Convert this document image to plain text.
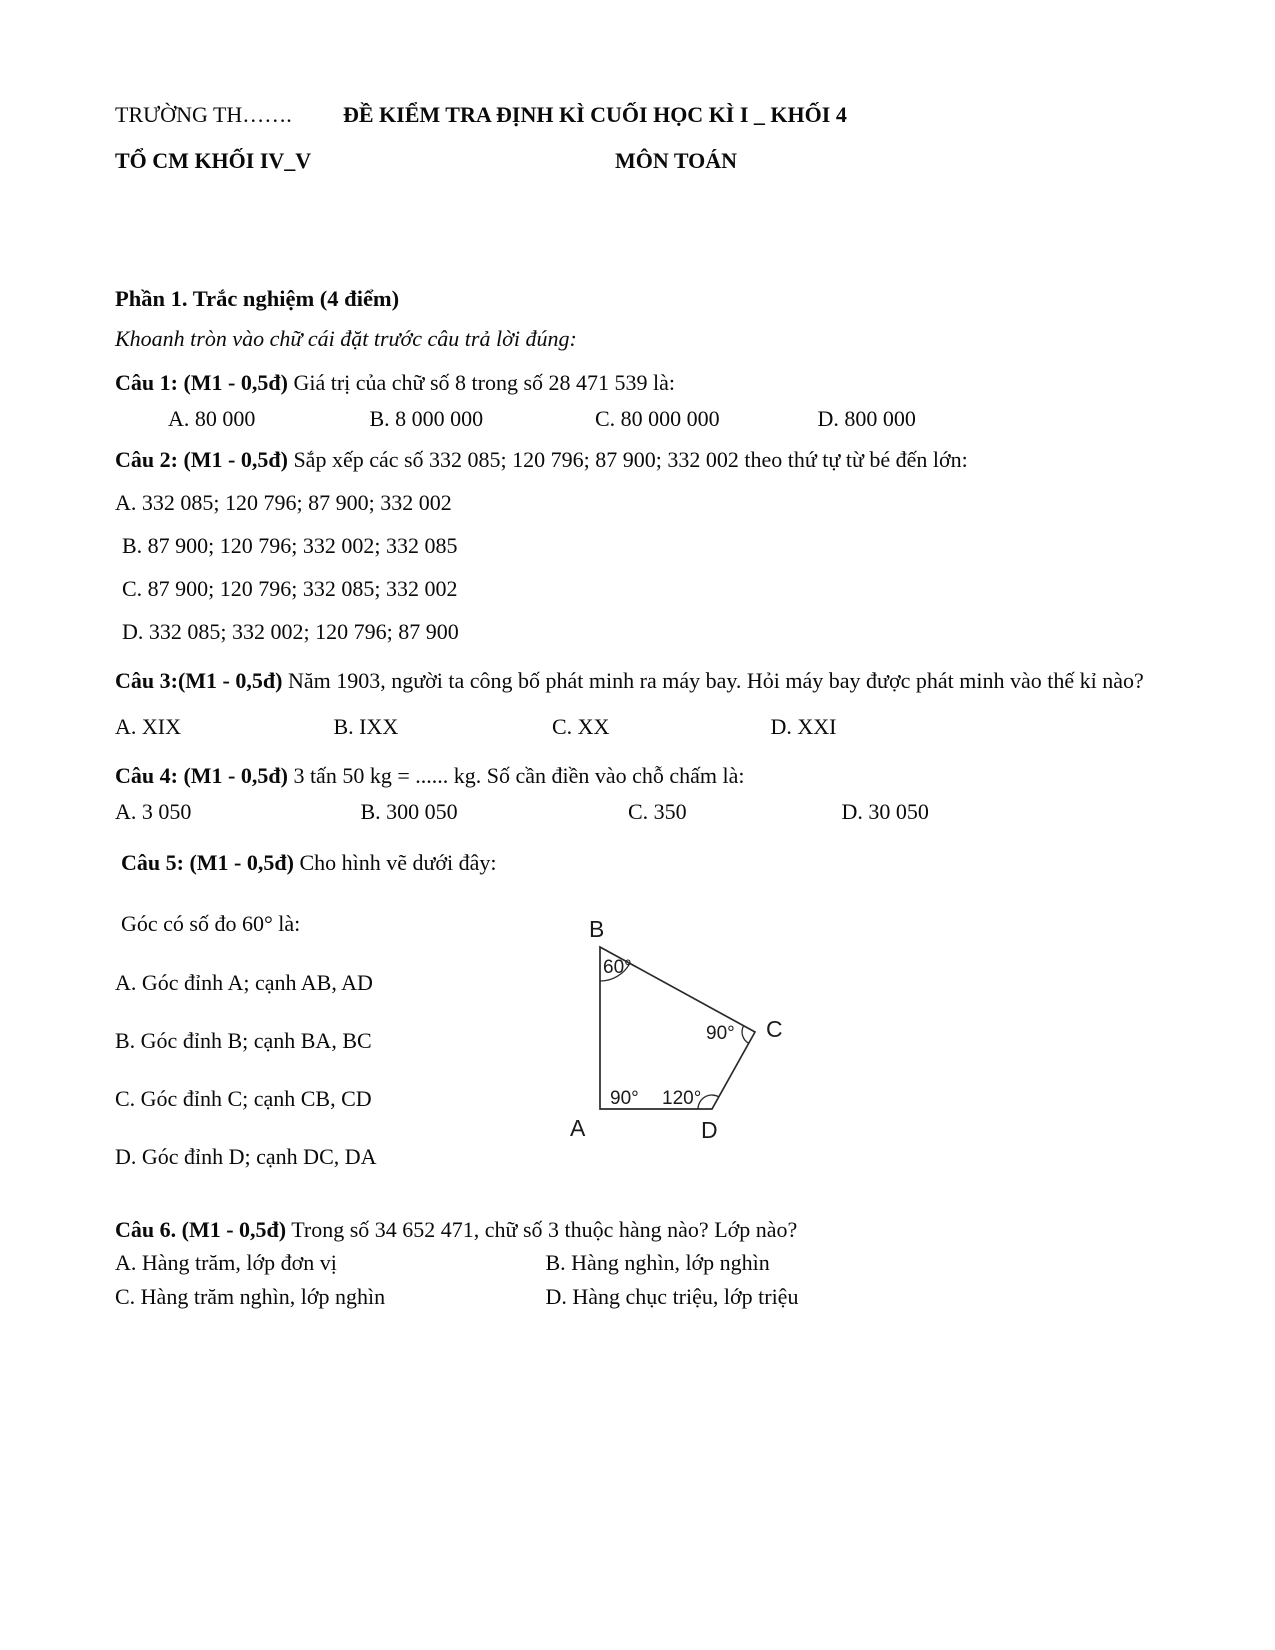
TRƯỜNG TH…….	ĐỀ KIỂM TRA ĐỊNH KÌ CUỐI HỌC KÌ I _ KHỐI 4
TỔ CM KHỐI IV_V	MÔN TOÁN
Phần 1. Trắc nghiệm (4 điểm)
Khoanh tròn vào chữ cái đặt trước câu trả lời đúng:

Câu 1: (M1 - 0,5đ) Giá trị của chữ số 8 trong số 28 471 539 là:

A. 80 000	B. 8 000 000	C. 80 000 000	D. 800 000

Câu 2: (M1 - 0,5đ) Sắp xếp các số 332 085; 120 796; 87 900; 332 002 theo thứ tự từ bé đến lớn:

A. 332 085; 120 796; 87 900; 332 002

B. 87 900; 120 796; 332 002; 332 085

C. 87 900; 120 796; 332 085; 332 002

D. 332 085; 332 002; 120 796; 87 900

Câu 3:(M1 - 0,5đ) Năm 1903, người ta công bố phát minh ra máy bay. Hỏi máy bay được phát minh vào thế kỉ nào?

A. XIX	B. IXX	C. XX	D. XXI

Câu 4: (M1 - 0,5đ) 3 tấn 50 kg = ...... kg. Số cần điền vào chỗ chấm là:

A. 3 050	B. 300 050	C. 350	D. 30 050

Câu 5: (M1 - 0,5đ) Cho hình vẽ dưới đây:

Góc có số đo 60° là:

A. Góc đỉnh A; cạnh AB, AD

B. Góc đỉnh B; cạnh BA, BC

C. Góc đỉnh C; cạnh CB, CD

D. Góc đỉnh D; cạnh DC, DA

B
C
A	D
60°
90°
90° 120°

Câu 6. (M1 - 0,5đ) Trong số 34 652 471, chữ số 3 thuộc hàng nào? Lớp nào?

A. Hàng trăm, lớp đơn vị	B. Hàng nghìn, lớp nghìn
C. Hàng trăm nghìn, lớp nghìn	D. Hàng chục triệu, lớp triệu
